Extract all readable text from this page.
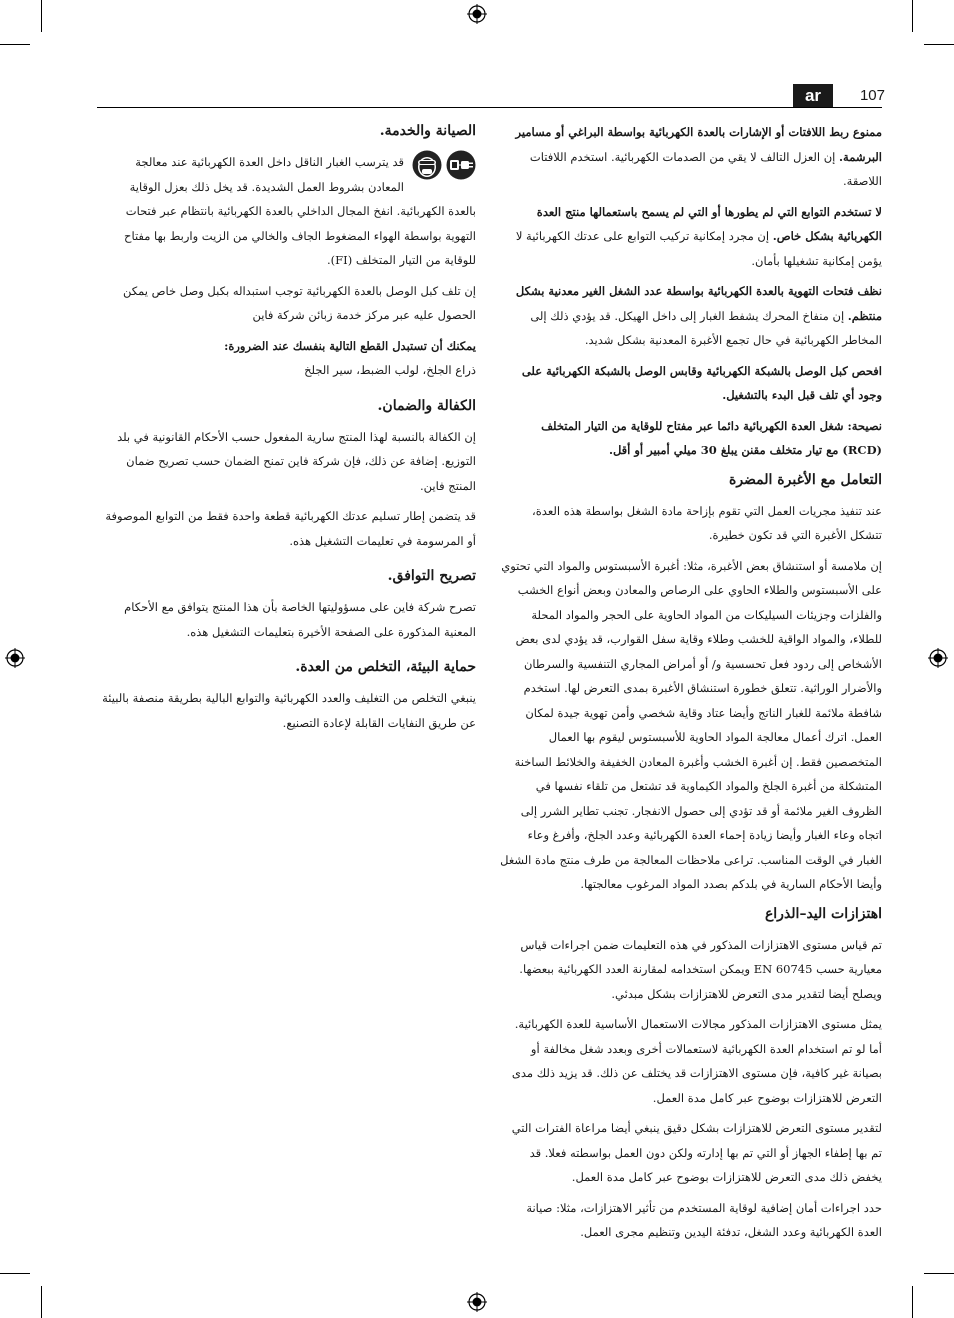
ar	107

ممنوع ربط اللافتات أو الإشارات بالعدة الكهربائية بواسطة البراغي أو مسامير البرشمة. إن العزل التالف لا يقي من الصدمات الكهربائية. استخدم اللافتات اللاصقة.

لا تستخدم التوابع التي لم يطورها أو التي لم يسمح باستعمالها منتج العدة الكهربائية بشكل خاص. إن مجرد إمكانية تركيب التوابع على عدتك الكهربائية لا يؤمن إمكانية تشغيلها بأمان.

نظف فتحات التهوية بالعدة الكهربائية بواسطة عدد الشغل الغير معدنية بشكل منتظم. إن منفاخ المحرك يشفط الغبار إلى داخل الهيكل. قد يؤدي ذلك إلى المخاطر الكهربائية في حال تجمع الأغبرة المعدنية بشكل شديد.

افحص كبل الوصل بالشبكة الكهربائية وقابس الوصل بالشبكة الكهربائية على وجود أي تلف قبل البدء بالتشغيل.

نصيحة: شغل العدة الكهربائية دائما عبر مفتاح للوقاية من التيار المتخلف (RCD) مع تيار متخلف مقنن يبلغ 30 ميلي أمبير أو أقل.

التعامل مع الأغبرة المضرة

عند تنفيذ مجريات العمل التي تقوم بإزاحة مادة الشغل بواسطة هذه العدة، تتشكل الأغبرة التي قد تكون خطيرة.

إن ملامسة أو استنشاق بعض الأغبرة، مثلا: أغبرة الأسبستوس والمواد التي تحتوي على الأسبستوس والطلاء الحاوي على الرصاص والمعادن وبعض أنواع الخشب والفلزات وجزيئات السيليكات من المواد الحاوية على الحجر والمواد المحلة للطلاء، والمواد الواقية للخشب وطلاء وقاية سفل القوارب، قد يؤدي لدى بعض الأشخاص إلى ردود فعل تحسسية و/ أو أمراض المجاري التنفسية والسرطان والأضرار الوراثية. تتعلق خطورة استنشاق الأغبرة بمدى التعرض لها. استخدم شافطة ملائمة للغبار الناتج وأيضا عتاد وقاية شخصي وأمن تهوية جيدة لمكان العمل. اترك أعمال معالجة المواد الحاوية للأسبستوس ليقوم بها العمال المتخصصين فقط. إن أغبرة الخشب وأغبرة المعادن الخفيفة والخلائط الساخنة المتشكلة من أغبرة الجلخ والمواد الكيماوية قد تشتعل من تلقاء نفسها في الظروف الغير ملائمة أو قد تؤدي إلى حصول الانفجار. تجنب تطاير الشرر إلى اتجاه وعاء الغبار وأيضا زيادة إحماء العدة الكهربائية وعدد الجلخ، وأفرغ وعاء الغبار في الوقت المناسب. تراعى ملاحظات المعالجة من طرف منتج مادة الشغل وأيضا الأحكام السارية في بلدكم بصدد المواد المرغوب معالجتها.

اهتزازات اليد–الذراع

تم قياس مستوى الاهتزازات المذكور في هذه التعليمات ضمن اجراءات قياس معيارية حسب EN 60745 ويمكن استخدامه لمقارنة العدد الكهربائية ببعضها. ويصلح أيضا لتقدير مدى التعرض للاهتزازات بشكل مبدئي.

يمثل مستوى الاهتزازات المذكور مجالات الاستعمال الأساسية للعدة الكهربائية. أما لو تم استخدام العدة الكهربائية لاستعمالات أخرى وبعدد شغل مخالفة أو بصيانة غير كافية، فإن مستوى الاهتزازات قد يختلف عن ذلك. قد يزيد ذلك مدى التعرض للاهتزازات بوضوح عبر كامل مدة العمل.

لتقدير مستوى التعرض للاهتزازات بشكل دقيق ينبغي أيضا مراعاة الفترات التي تم بها إطفاء الجهاز أو التي تم بها إدارته ولكن دون العمل بواسطته فعلا. قد يخفض ذلك مدى التعرض للاهتزازات بوضوح عبر كامل مدة العمل.

حدد اجراءات أمان إضافية لوقاية المستخدم من تأثير الاهتزازات، مثلا: صيانة العدة الكهربائية وعدد الشغل، تدفئة اليدين وتنظيم مجرى العمل.

الصيانة والخدمة.

قد يترسب الغبار الناقل داخل العدة الكهربائية عند معالجة المعادن بشروط العمل الشديدة. قد يخل ذلك بعزل الوقاية بالعدة الكهربائية. انفخ المجال الداخلي بالعدة الكهربائية بانتظام عبر فتحات التهوية بواسطة الهواء المضغوط الجاف والخالي من الزيت واربط بها مفتاح للوقاية من التيار المتخلف (FI).

إن تلف كبل الوصل بالعدة الكهربائية توجب استبداله بكبل وصل خاص يمكن الحصول عليه عبر مركز خدمة زبائن شركة فاين

يمكنك أن تستبدل القطع التالية بنفسك عند الضرورة:

ذراع الجلخ، لولب الضبط، سير الجلخ

الكفالة والضمان.

إن الكفالة بالنسبة لهذا المنتج سارية المفعول حسب الأحكام القانونية في بلد التوزيع. إضافة عن ذلك، فإن شركة فاين تمنح الضمان حسب تصريح ضمان المنتج فاين.

قد يتضمن إطار تسليم عدتك الكهربائية قطعة واحدة فقط من التوابع الموصوفة أو المرسومة في تعليمات التشغيل هذه.

تصريح التوافق.

تصرح شركة فاين على مسؤوليتها الخاصة بأن هذا المنتج يتوافق مع الأحكام المعنية المذكورة على الصفحة الأخيرة بتعليمات التشغيل هذه.

حماية البيئة، التخلص من العدة.

ينبغي التخلص من التغليف والعدد الكهربائية والتوابع البالية بطريقة منصفة بالبيئة عن طريق النفايات القابلة لإعادة التصنيع.
